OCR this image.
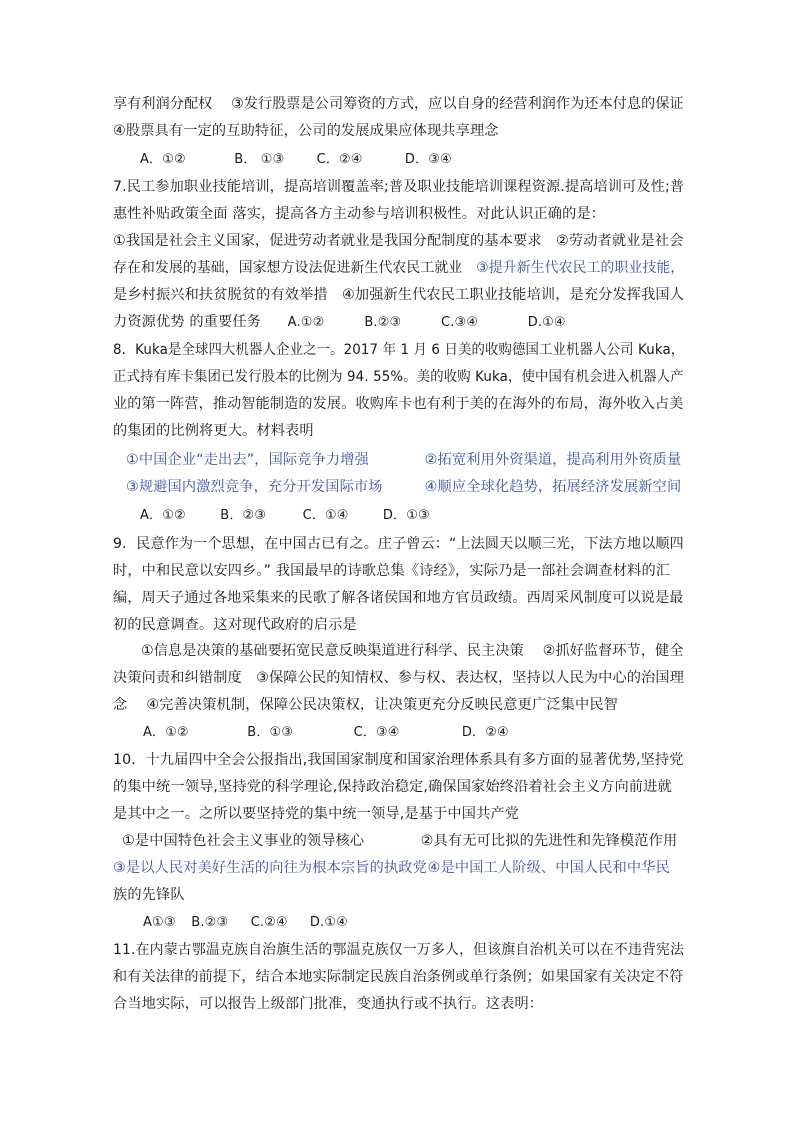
享有利润分配权　 ③发行股票是公司筹资的方式，应以自身的经营利润作为还本付息的保证
④股票具有一定的互助特征，公司的发展成果应体现共享理念
A．①②	B． ①③ C．②④	D．③④
7.民工参加职业技能培训，提高培训覆盖率;普及职业技能培训课程资源.提高培训可及性;普
惠性补贴政策全面 落实，提高各方主动参与培训积极性。对此认识正确的是：
①我国是社会主义国家，促进劳动者就业是我国分配制度的基本要求　②劳动者就业是社会
存在和发展的基础，国家想方设法促进新生代农民工就业　③提升新生代农民工的职业技能，
是乡村振兴和扶贫脱贫的有效举措　④加强新生代农民工职业技能培训，是充分发挥我国人
力资源优势 的重要任务 A.①②	B.②③	C.③④	D.①④
8．Kuka是全球四大机器人企业之一。2017 年 1 月 6 日美的收购德国工业机器人公司 Kuka，
正式持有库卡集团已发行股本的比例为 94. 55%。美的收购 Kuka，使中国有机会进入机器人产
业的第一阵营，推动智能制造的发展。收购库卡也有利于美的在海外的布局，海外收入占美
的集团的比例将更大。材料表明
①中国企业“走出去”，国际竞争力增强	②拓宽利用外资渠道，提高利用外资质量
③规避国内激烈竞争，充分开发国际市场	④顺应全球化趋势，拓展经济发展新空间
A．①②	B．②③	C．①④	D．①③
9．民意作为一个思想，在中国古已有之。庄子曾云：“上法圆天以顺三光，下法方地以顺四
时，中和民意以安四乡。” 我国最早的诗歌总集《诗经》，实际乃是一部社会调查材料的汇
编，周天子通过各地采集来的民歌了解各诸侯国和地方官员政绩。西周采风制度可以说是最
初的民意调查。这对现代政府的启示是
①信息是决策的基础要拓宽民意反映渠道进行科学、民主决策　 ②抓好监督环节，健全
决策问责和纠错制度　③保障公民的知情权、参与权、表达权，坚持以人民为中心的治国理
念　 ④完善决策机制，保障公民决策权，让决策更充分反映民意更广泛集中民智
A．①②	B．①③	C．③④	D．②④
10．十九届四中全会公报指出,我国国家制度和国家治理体系具有多方面的显著优势,坚持党
的集中统一领导,坚持党的科学理论,保持政治稳定,确保国家始终沿着社会主义方向前进就
是其中之一。之所以要坚持党的集中统一领导,是基于中国共产党
①是中国特色社会主义事业的领导核心	②具有无可比拟的先进性和先锋模范作用
③是以人民对美好生活的向往为根本宗旨的执政党 ④是中国工人阶级、中国人民和中华民
族的先锋队
A①③ B.②③ C.②④ D.①④
11.在内蒙古鄂温克族自治旗生活的鄂温克族仅一万多人，但该旗自治机关可以在不违背宪法
和有关法律的前提下，结合本地实际制定民族自治条例或单行条例；如果国家有关决定不符
合当地实际，可以报告上级部门批准，变通执行或不执行。这表明：
